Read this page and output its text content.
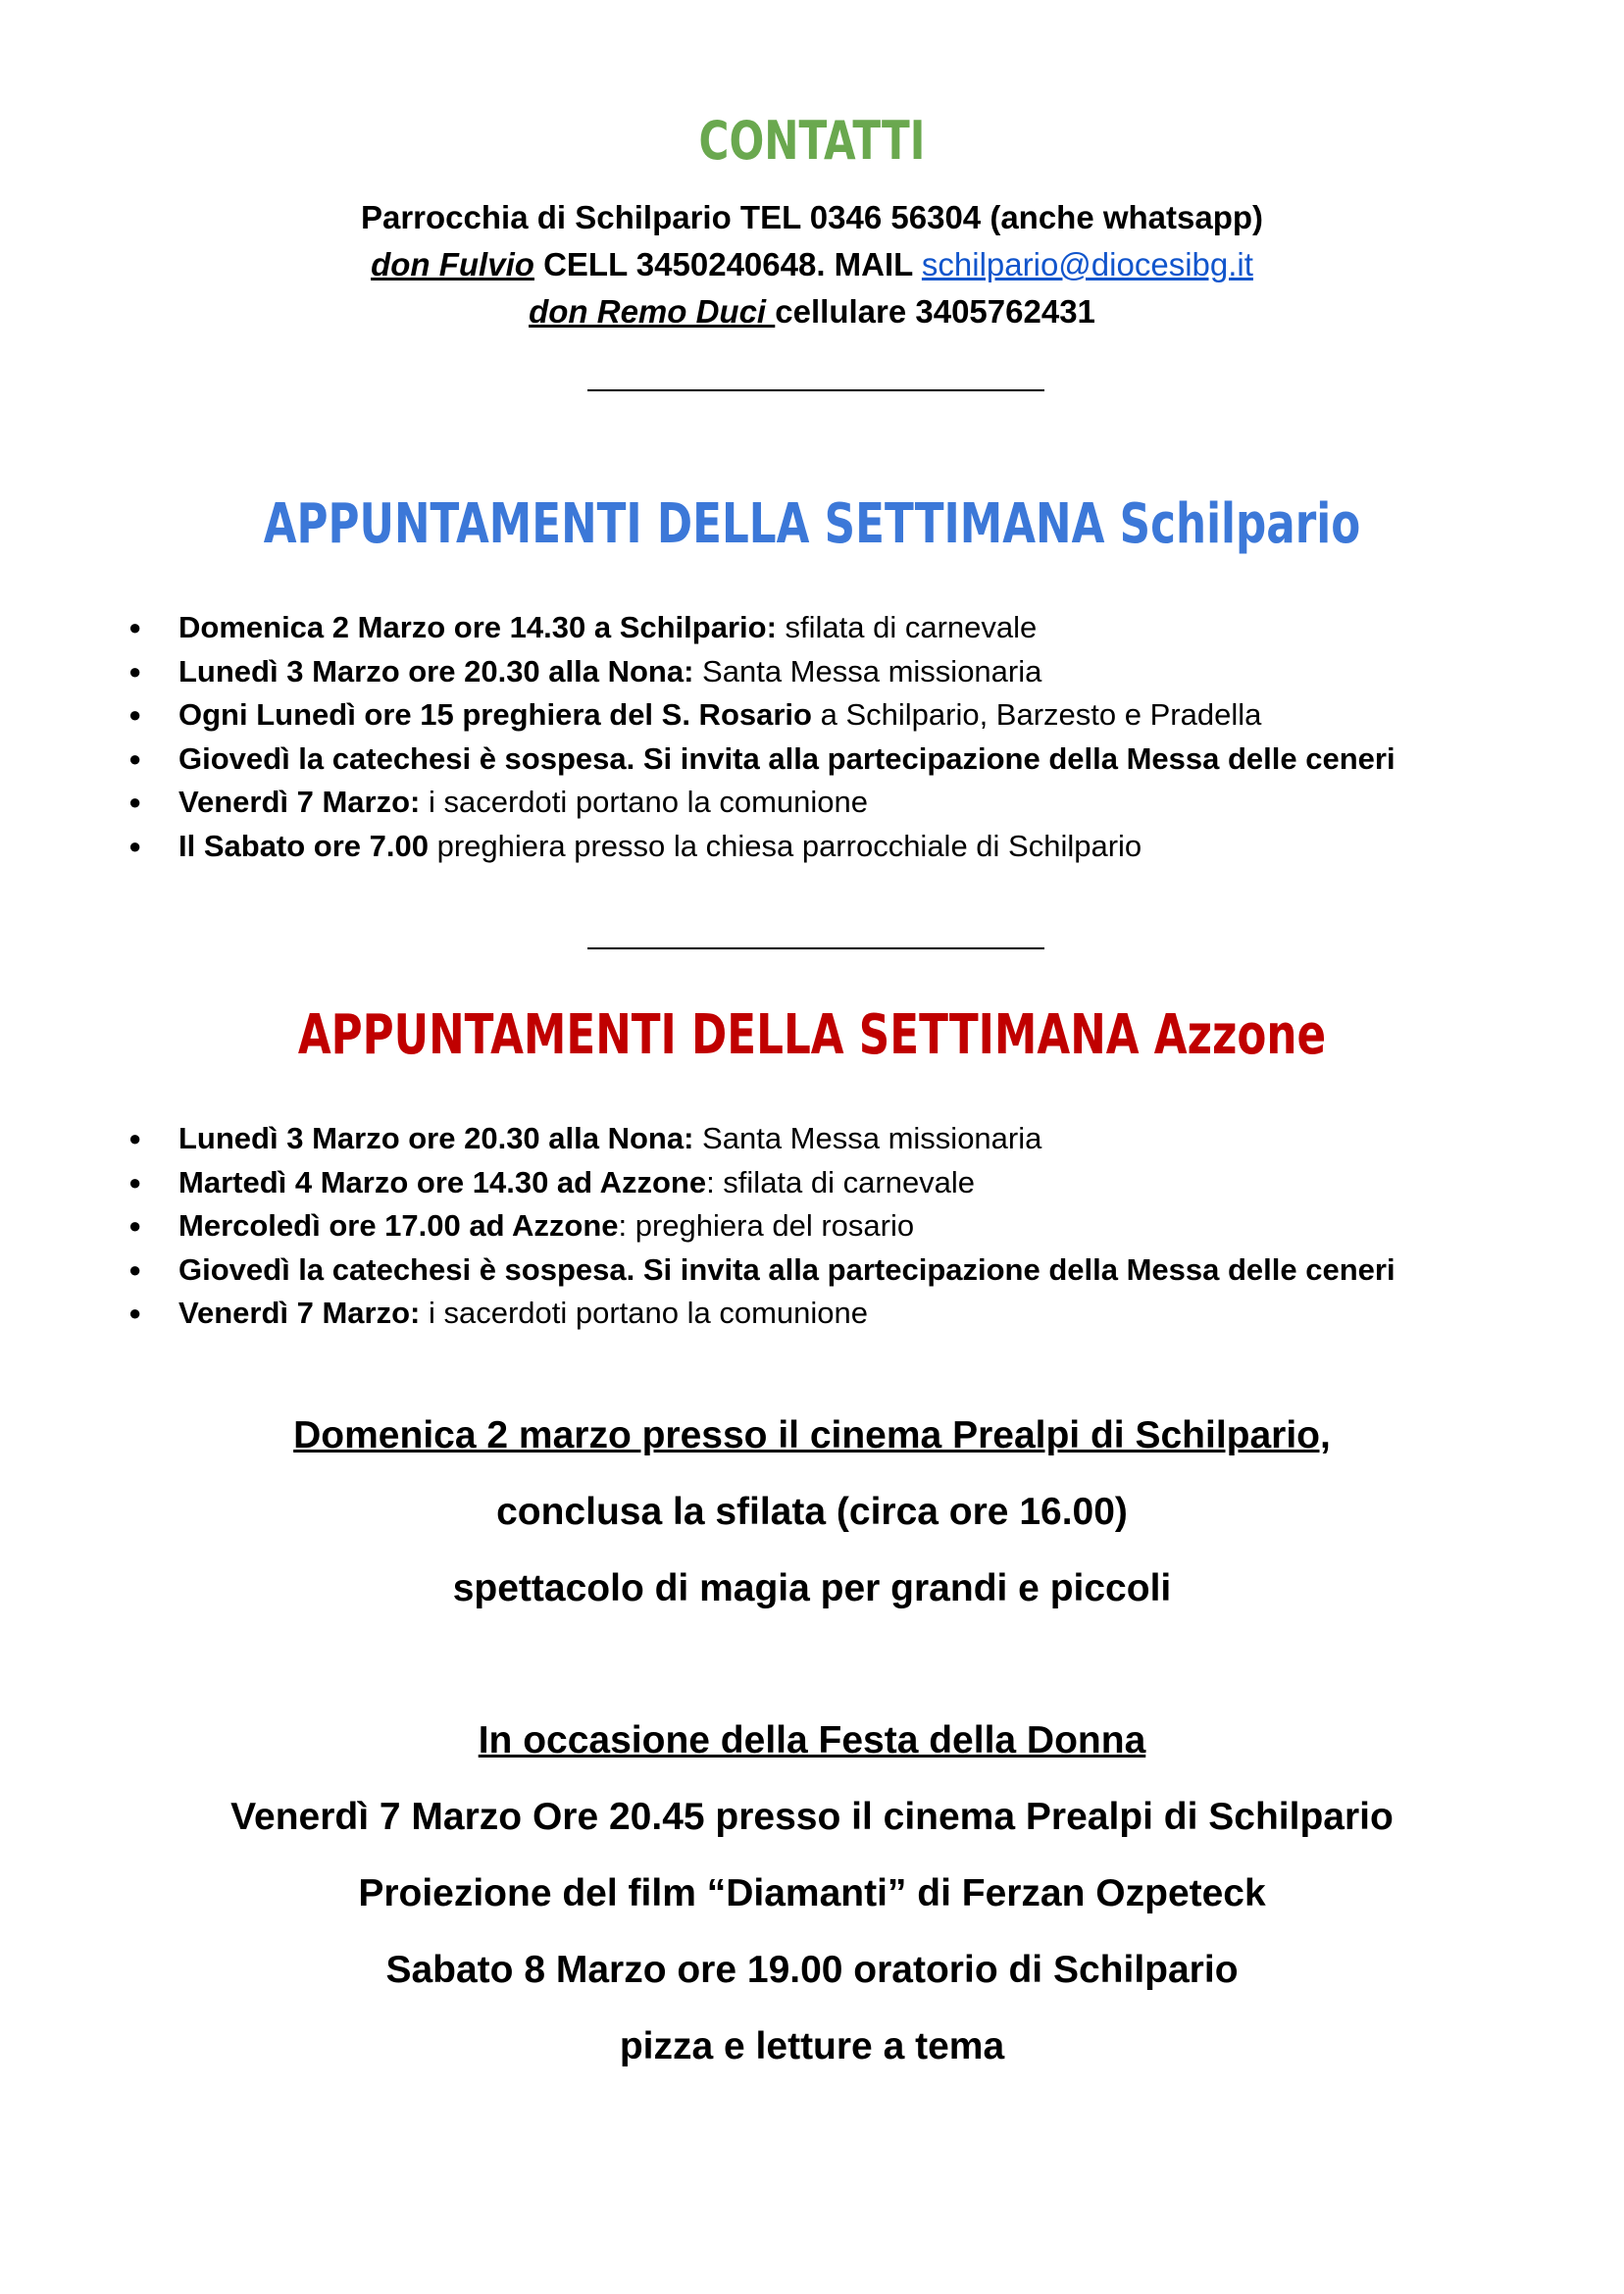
CONTATTI
Parrocchia di Schilpario TEL 0346 56304 (anche whatsapp)
don Fulvio CELL 3450240648. MAIL schilpario@diocesibg.it
don Remo Duci cellulare 3405762431
APPUNTAMENTI DELLA SETTIMANA Schilpario
● Domenica 2 Marzo ore 14.30 a Schilpario: sfilata di carnevale
● Lunedì 3 Marzo ore 20.30 alla Nona: Santa Messa missionaria
● Ogni Lunedì ore 15 preghiera del S. Rosario a Schilpario, Barzesto e Pradella
● Giovedì la catechesi è sospesa. Si invita alla partecipazione della Messa delle ceneri
● Venerdì 7 Marzo: i sacerdoti portano la comunione
● Il Sabato ore 7.00 preghiera presso la chiesa parrocchiale di Schilpario
APPUNTAMENTI DELLA SETTIMANA Azzone
● Lunedì 3 Marzo ore 20.30 alla Nona: Santa Messa missionaria
● Martedì 4 Marzo ore 14.30 ad Azzone: sfilata di carnevale
● Mercoledì ore 17.00 ad Azzone: preghiera del rosario
● Giovedì la catechesi è sospesa. Si invita alla partecipazione della Messa delle ceneri
● Venerdì 7 Marzo: i sacerdoti portano la comunione
Domenica 2 marzo presso il cinema Prealpi di Schilpario,
conclusa la sfilata (circa ore 16.00)
spettacolo di magia per grandi e piccoli
In occasione della Festa della Donna
Venerdì 7 Marzo Ore 20.45 presso il cinema Prealpi di Schilpario
Proiezione del film “Diamanti” di Ferzan Ozpeteck
Sabato 8 Marzo ore 19.00 oratorio di Schilpario
pizza e letture a tema
